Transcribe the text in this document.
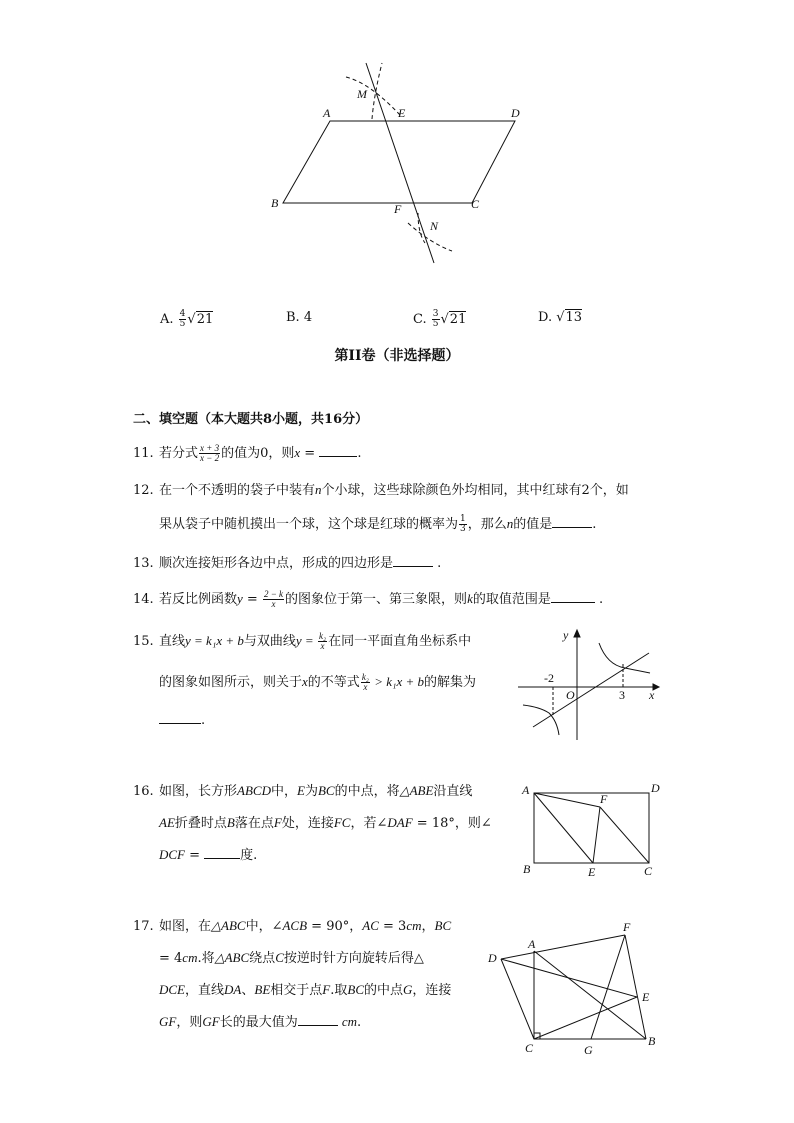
M
E
A	D
B	C
F
N
A. $\frac{4}{5} √21$	B. 4	C. $\frac{3}{5} √21$	D. √13
第II卷（非选择题）
二、填空题（本大题共8小题，共16分）
11. 若分式 $\frac{x + 3}{x - 2}$ 的值为0，则x =	.
12. 在一个不透明的袋子中装有n个小球，这些球除颜色外均相同，其中红球有2个，如
果从袋子中随机摸出一个球，这个球是红球的概率为 $\frac{1}{3}$ ，那么n的值是	.
13. 顺次连接矩形各边中点，形成的四边形是	.
14. 若反比例函数$y = \frac{2 - k}{x}$ 的图象位于第一、第三象限，则k的取值范围是	.
15. 直线y = k₁x + b与双曲线$y = \frac{\text{k₂}}{x}$ 在同一平面直角坐标系中
的图象如图所示，则关于x的不等式 $\frac{\text{k₂}}{x} > k_1x + b$的解集为
.
y
x
O
-2
3
16. 如图，长方形ABCD中，E为BC的中点，将△ABE沿直线
AE折叠时点B落在点F处，连接FC，若∠DAF = 18°，则∠
DCF =	度.
A	D
F
B	E	C
17. 如图，在△ABC中，∠ACB = 90°，AC = 3cm，BC
= 4cm.将△ABC绕点C按逆时针方向旋转后得△
DCE，直线DA、BE相交于点F.取BC的中点G，连接
GF，则GF长的最大值为	cm.
F
A
D
E
C	G
B
